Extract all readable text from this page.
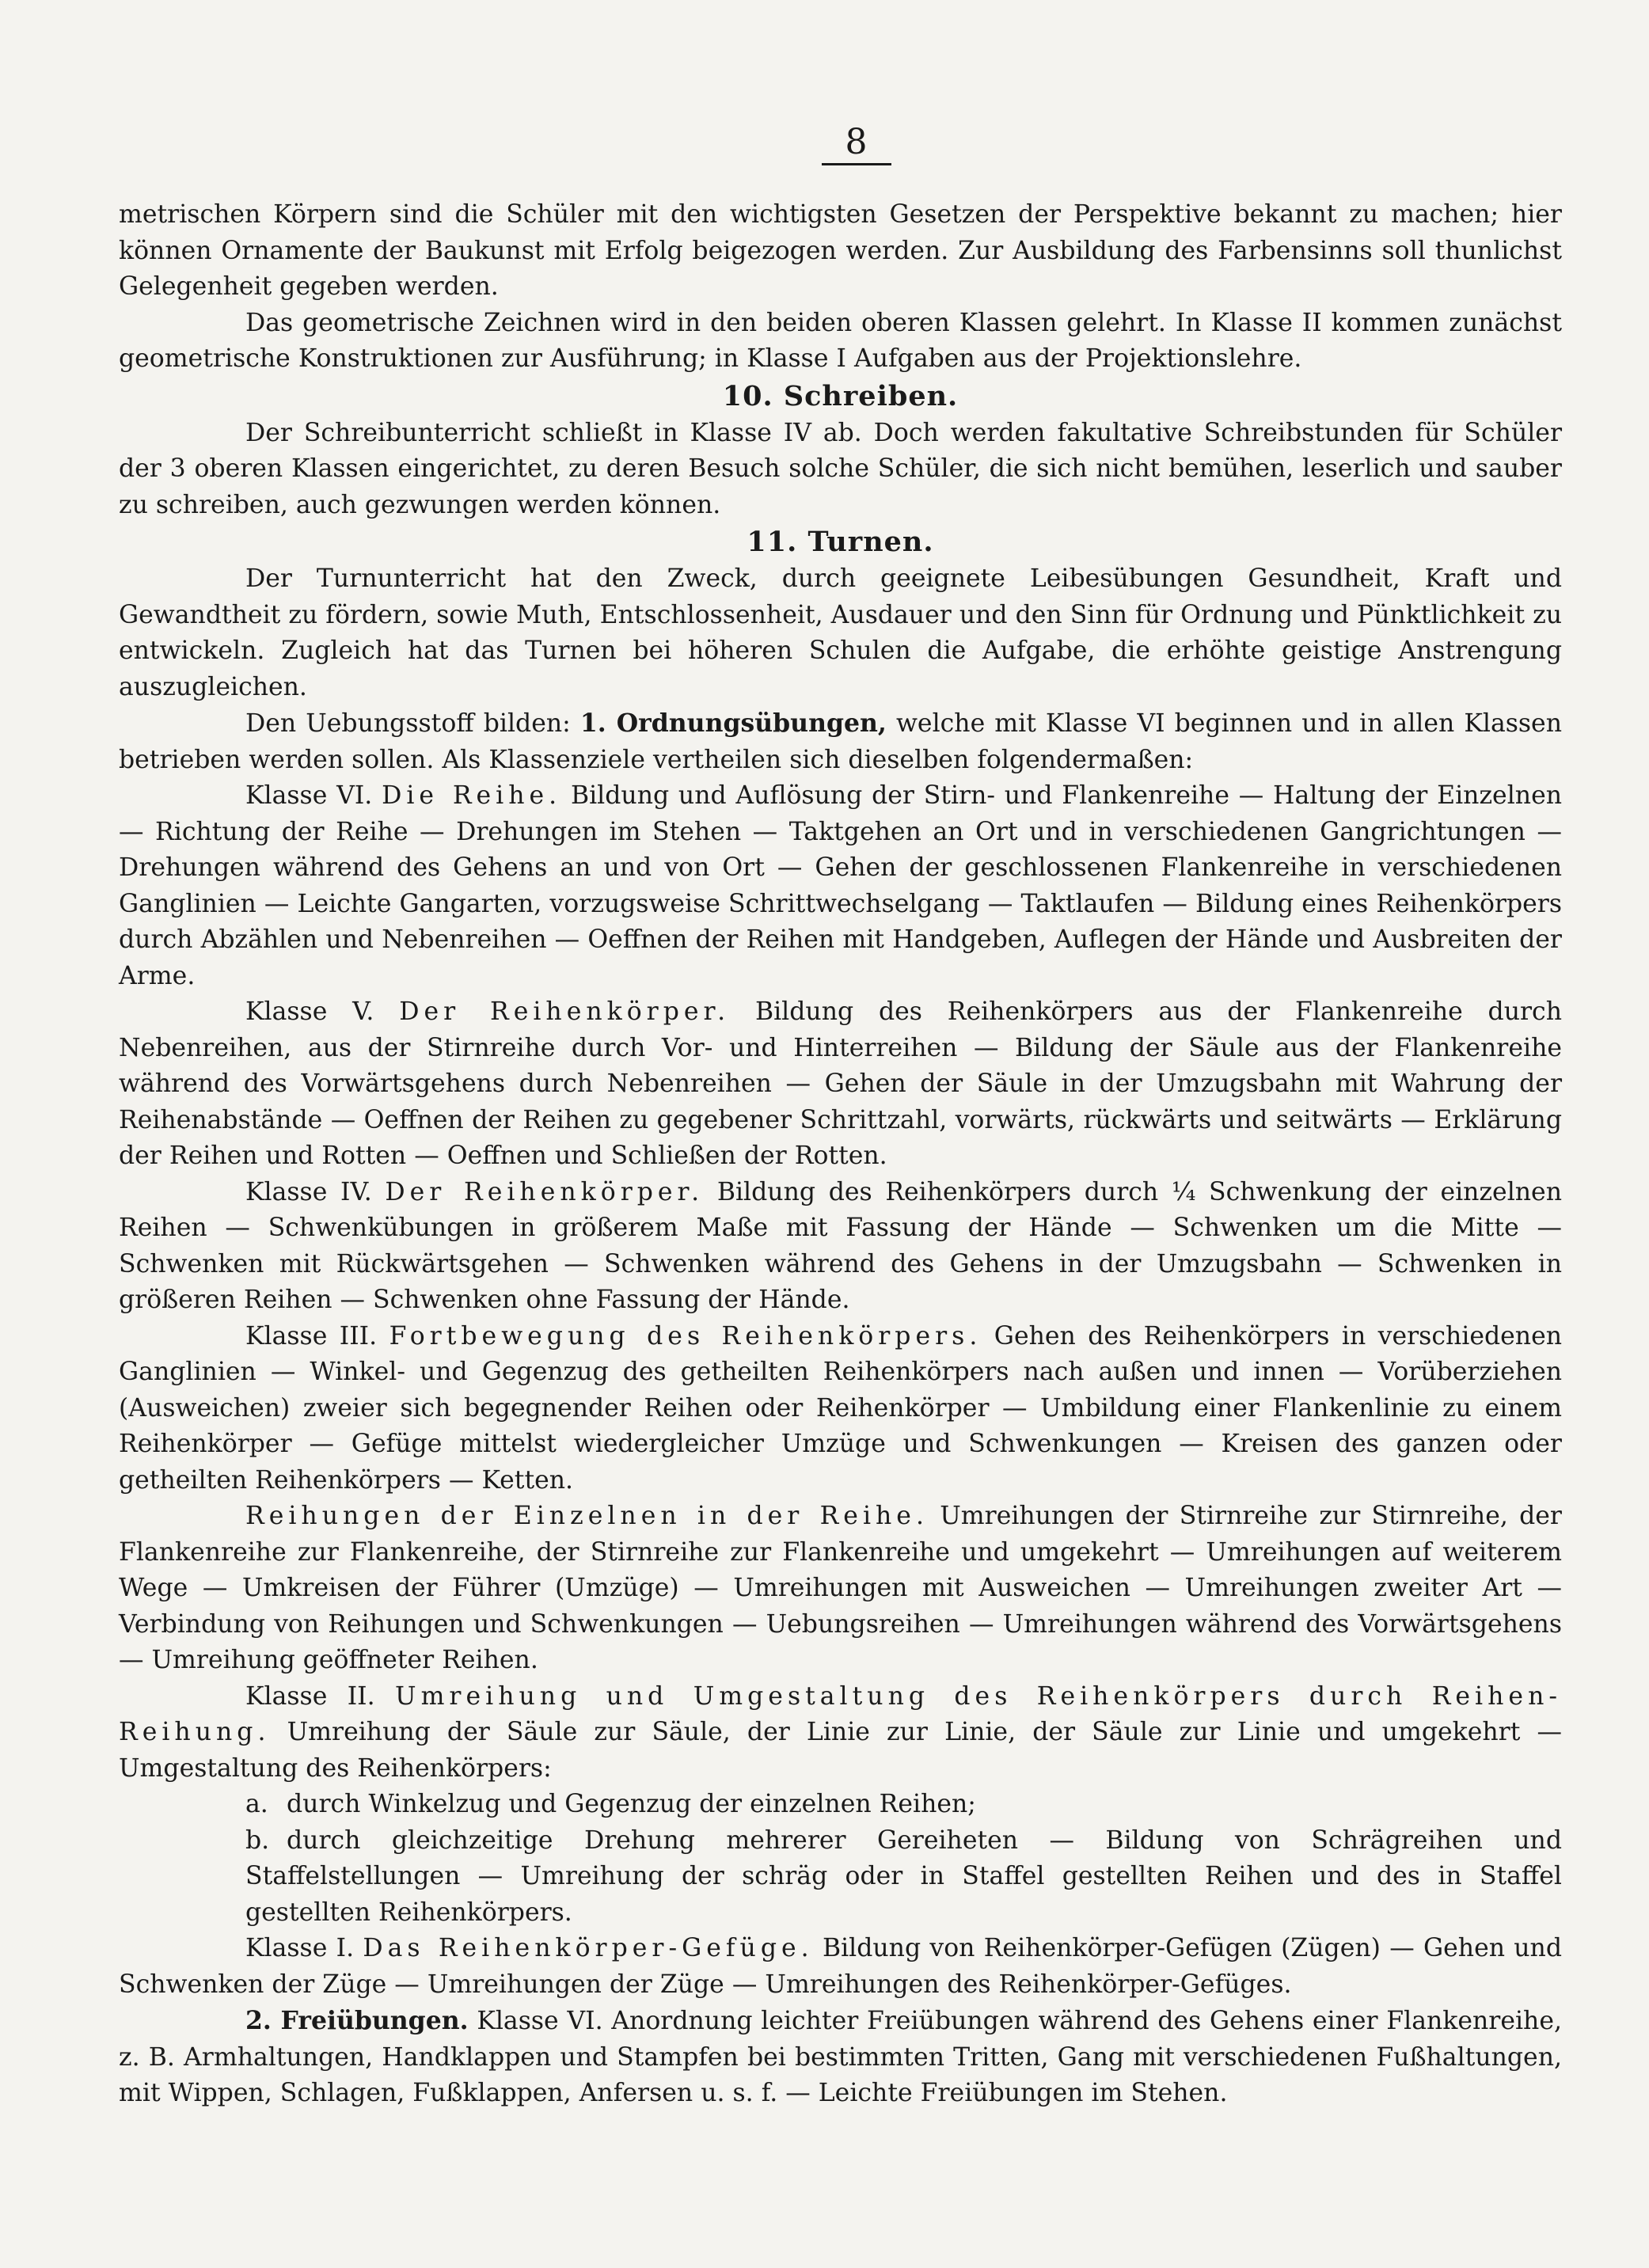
8

metrischen Körpern sind die Schüler mit den wichtigsten Gesetzen der Perspektive bekannt zu machen; hier können Ornamente der Baukunst mit Erfolg beigezogen werden. Zur Ausbildung des Farbensinns soll thunlichst Gelegenheit gegeben werden.

Das geometrische Zeichnen wird in den beiden oberen Klassen gelehrt. In Klasse II kommen zunächst geometrische Konstruktionen zur Ausführung; in Klasse I Aufgaben aus der Projektionslehre.

10. Schreiben.

Der Schreibunterricht schließt in Klasse IV ab. Doch werden fakultative Schreibstunden für Schüler der 3 oberen Klassen eingerichtet, zu deren Besuch solche Schüler, die sich nicht bemühen, leserlich und sauber zu schreiben, auch gezwungen werden können.

11. Turnen.

Der Turnunterricht hat den Zweck, durch geeignete Leibesübungen Gesundheit, Kraft und Gewandtheit zu fördern, sowie Muth, Entschlossenheit, Ausdauer und den Sinn für Ordnung und Pünktlichkeit zu entwickeln. Zugleich hat das Turnen bei höheren Schulen die Aufgabe, die erhöhte geistige Anstrengung auszugleichen.

Den Uebungsstoff bilden: 1. Ordnungsübungen, welche mit Klasse VI beginnen und in allen Klassen betrieben werden sollen. Als Klassenziele vertheilen sich dieselben folgendermaßen:

Klasse VI. Die Reihe. Bildung und Auflösung der Stirn- und Flankenreihe — Haltung der Einzelnen — Richtung der Reihe — Drehungen im Stehen — Taktgehen an Ort und in verschiedenen Gangrichtungen — Drehungen während des Gehens an und von Ort — Gehen der geschlossenen Flankenreihe in verschiedenen Ganglinien — Leichte Gangarten, vorzugsweise Schrittwechselgang — Taktlaufen — Bildung eines Reihenkörpers durch Abzählen und Nebenreihen — Oeffnen der Reihen mit Handgeben, Auflegen der Hände und Ausbreiten der Arme.

Klasse V. Der Reihenkörper. Bildung des Reihenkörpers aus der Flankenreihe durch Nebenreihen, aus der Stirnreihe durch Vor- und Hinterreihen — Bildung der Säule aus der Flankenreihe während des Vorwärtsgehens durch Nebenreihen — Gehen der Säule in der Umzugsbahn mit Wahrung der Reihenabstände — Oeffnen der Reihen zu gegebener Schrittzahl, vorwärts, rückwärts und seitwärts — Erklärung der Reihen und Rotten — Oeffnen und Schließen der Rotten.

Klasse IV. Der Reihenkörper. Bildung des Reihenkörpers durch ¼ Schwenkung der einzelnen Reihen — Schwenkübungen in größerem Maße mit Fassung der Hände — Schwenken um die Mitte — Schwenken mit Rückwärtsgehen — Schwenken während des Gehens in der Umzugsbahn — Schwenken in größeren Reihen — Schwenken ohne Fassung der Hände.

Klasse III. Fortbewegung des Reihenkörpers. Gehen des Reihenkörpers in verschiedenen Ganglinien — Winkel- und Gegenzug des getheilten Reihenkörpers nach außen und innen — Vorüberziehen (Ausweichen) zweier sich begegnender Reihen oder Reihenkörper — Umbildung einer Flankenlinie zu einem Reihenkörper — Gefüge mittelst wiedergleicher Umzüge und Schwenkungen — Kreisen des ganzen oder getheilten Reihenkörpers — Ketten.

Reihungen der Einzelnen in der Reihe. Umreihungen der Stirnreihe zur Stirnreihe, der Flankenreihe zur Flankenreihe, der Stirnreihe zur Flankenreihe und umgekehrt — Umreihungen auf weiterem Wege — Umkreisen der Führer (Umzüge) — Umreihungen mit Ausweichen — Umreihungen zweiter Art — Verbindung von Reihungen und Schwenkungen — Uebungsreihen — Umreihungen während des Vorwärtsgehens — Umreihung geöffneter Reihen.

Klasse II. Umreihung und Umgestaltung des Reihenkörpers durch Reihen-Reihung. Umreihung der Säule zur Säule, der Linie zur Linie, der Säule zur Linie und umgekehrt — Umgestaltung des Reihenkörpers:

a. durch Winkelzug und Gegenzug der einzelnen Reihen;

b. durch gleichzeitige Drehung mehrerer Gereiheten — Bildung von Schrägreihen und Staffelstellungen — Umreihung der schräg oder in Staffel gestellten Reihen und des in Staffel gestellten Reihenkörpers.

Klasse I. Das Reihenkörper-Gefüge. Bildung von Reihenkörper-Gefügen (Zügen) — Gehen und Schwenken der Züge — Umreihungen der Züge — Umreihungen des Reihenkörper-Gefüges.

2. Freiübungen. Klasse VI. Anordnung leichter Freiübungen während des Gehens einer Flankenreihe, z. B. Armhaltungen, Handklappen und Stampfen bei bestimmten Tritten, Gang mit verschiedenen Fußhaltungen, mit Wippen, Schlagen, Fußklappen, Anfersen u. s. f. — Leichte Freiübungen im Stehen.
